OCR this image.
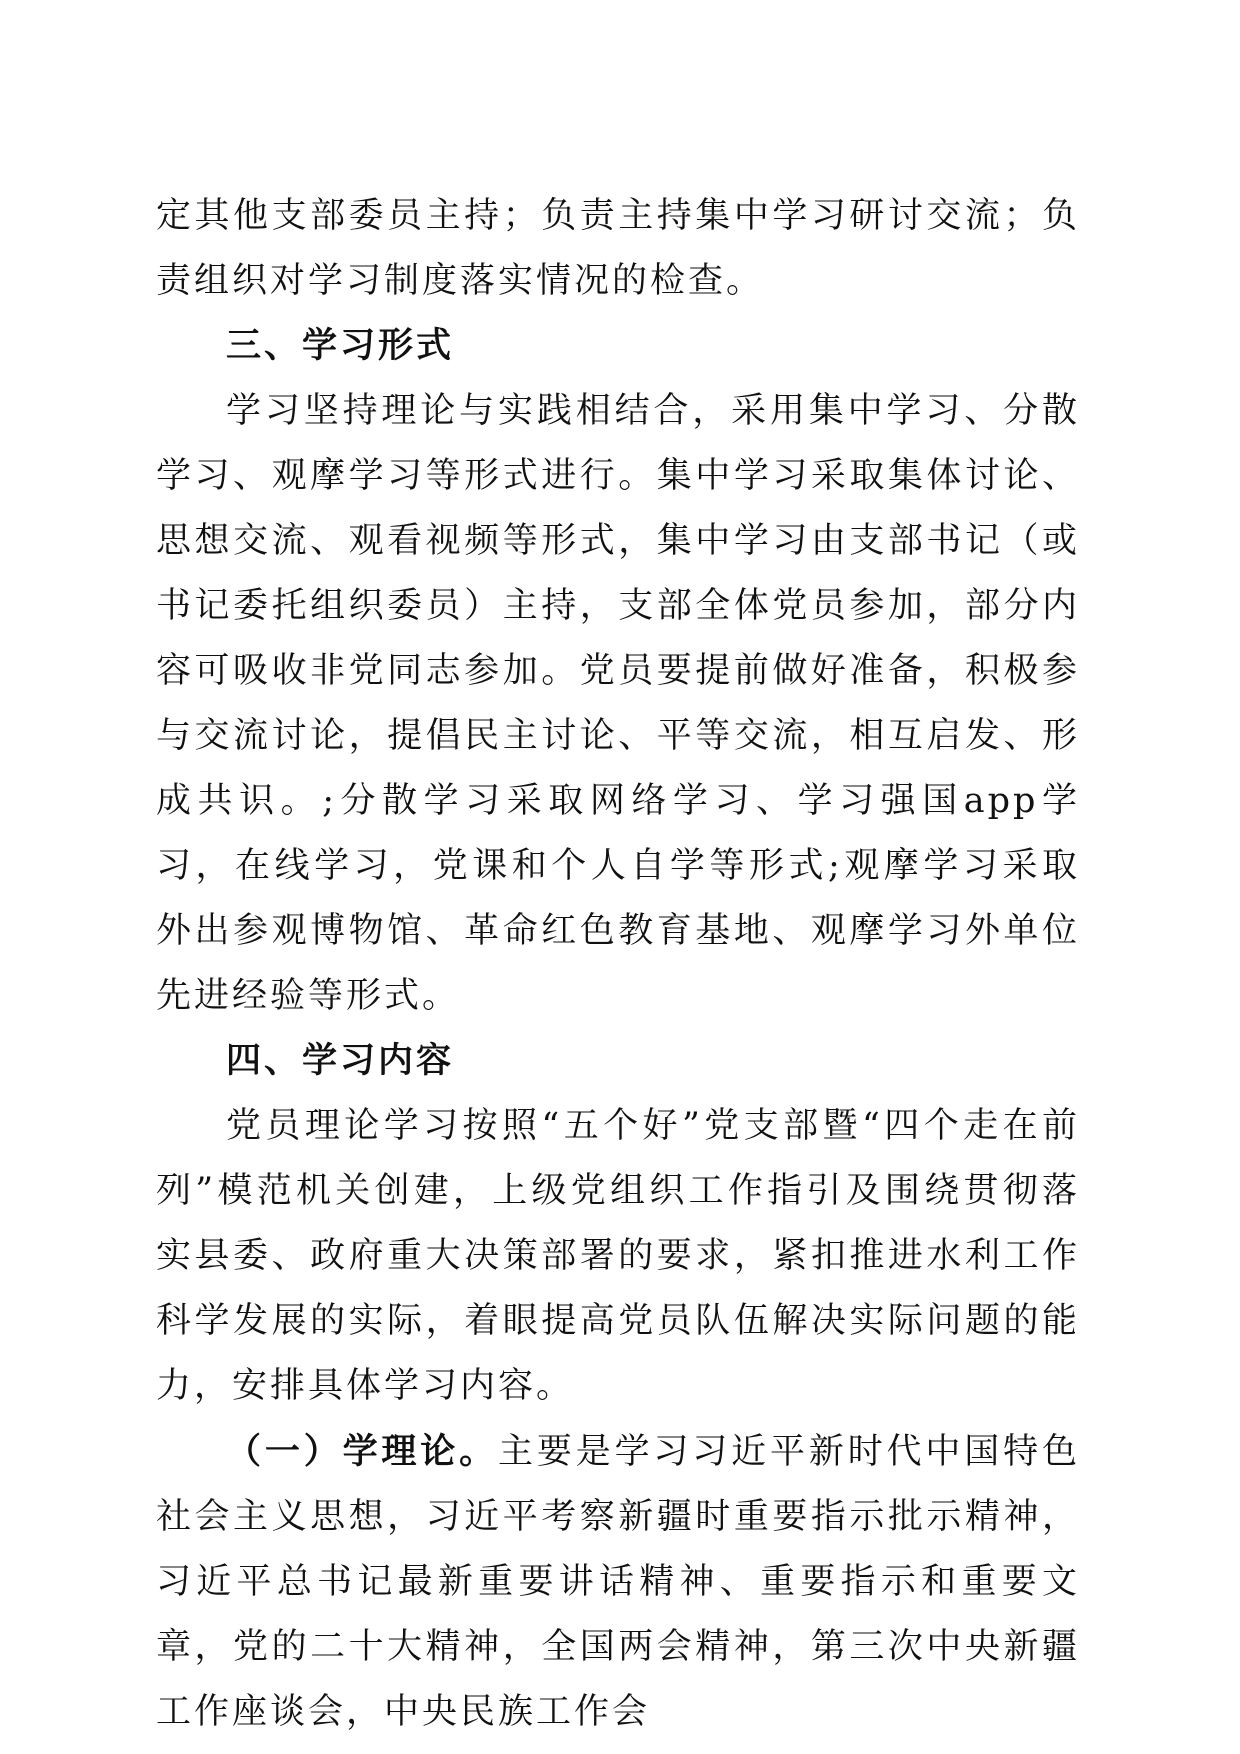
定其他支部委员主持；负责主持集中学习研讨交流；负责组织对学习制度落实情况的检查。

三、学习形式

学习坚持理论与实践相结合，采用集中学习、分散学习、观摩学习等形式进行。集中学习采取集体讨论、思想交流、观看视频等形式，集中学习由支部书记（或书记委托组织委员）主持，支部全体党员参加，部分内容可吸收非党同志参加。党员要提前做好准备，积极参与交流讨论，提倡民主讨论、平等交流，相互启发、形成共识。;分散学习采取网络学习、学习强国app学习，在线学习，党课和个人自学等形式;观摩学习采取外出参观博物馆、革命红色教育基地、观摩学习外单位先进经验等形式。

四、学习内容

党员理论学习按照“五个好”党支部暨“四个走在前列”模范机关创建，上级党组织工作指引及围绕贯彻落实县委、政府重大决策部署的要求，紧扣推进水利工作科学发展的实际，着眼提高党员队伍解决实际问题的能力，安排具体学习内容。

（一）学理论。主要是学习习近平新时代中国特色社会主义思想，习近平考察新疆时重要指示批示精神，习近平总书记最新重要讲话精神、重要指示和重要文章，党的二十大精神，全国两会精神，第三次中央新疆工作座谈会，中央民族工作会
